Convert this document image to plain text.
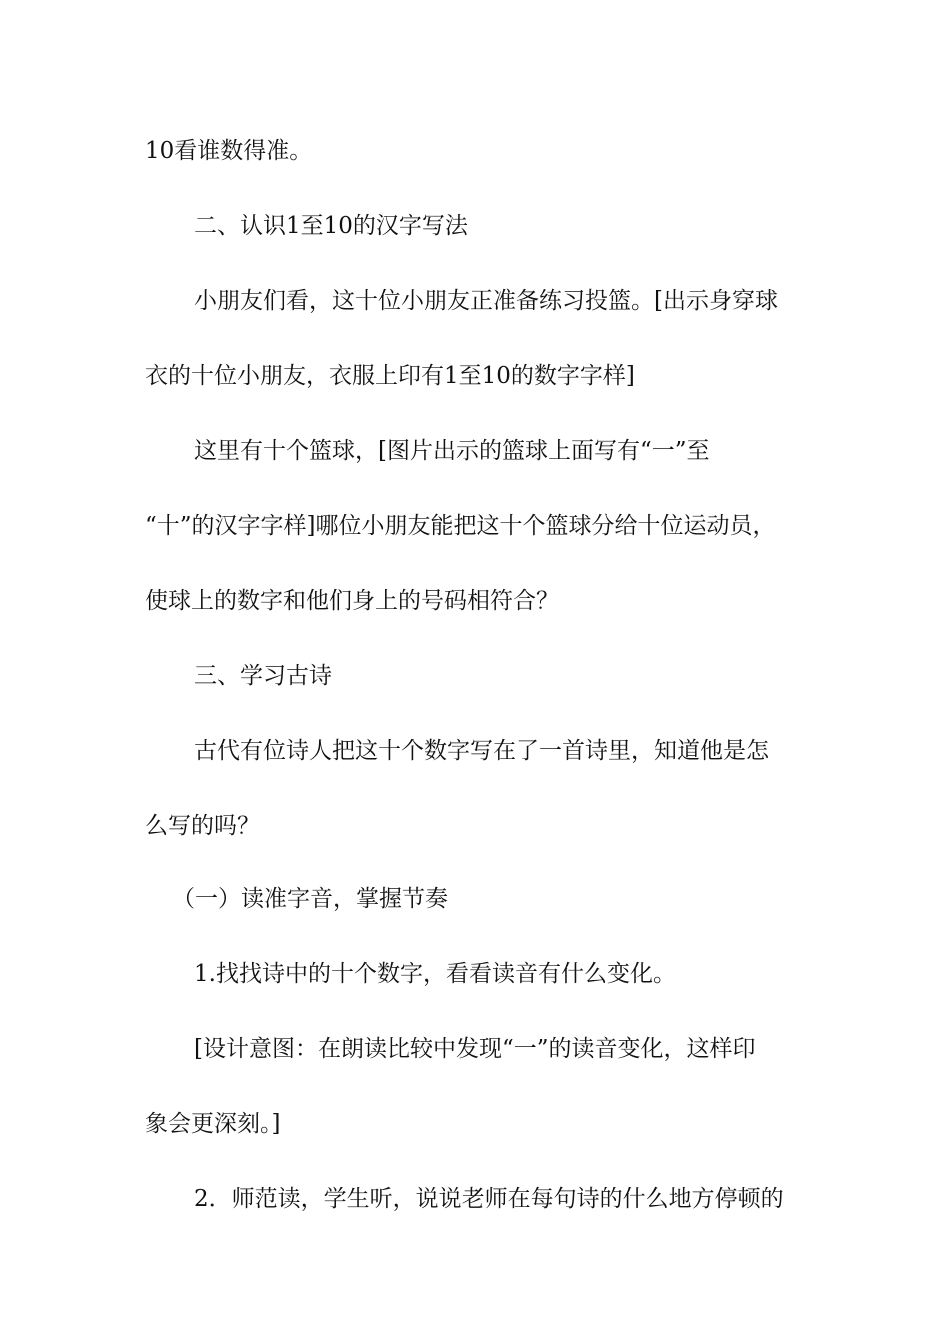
10看谁数得准。
二、认识1至10的汉字写法
小朋友们看，这十位小朋友正准备练习投篮。[出示身穿球
衣的十位小朋友，衣服上印有1至10的数字字样]
这里有十个篮球，[图片出示的篮球上面写有“一”至
“十”的汉字字样]哪位小朋友能把这十个篮球分给十位运动员，
使球上的数字和他们身上的号码相符合？
三、学习古诗
古代有位诗人把这十个数字写在了一首诗里，知道他是怎
么写的吗？
（一）读准字音，掌握节奏
1.找找诗中的十个数字，看看读音有什么变化。
[设计意图：在朗读比较中发现“一”的读音变化，这样印
象会更深刻。]
2．师范读，学生听，说说老师在每句诗的什么地方停顿的
